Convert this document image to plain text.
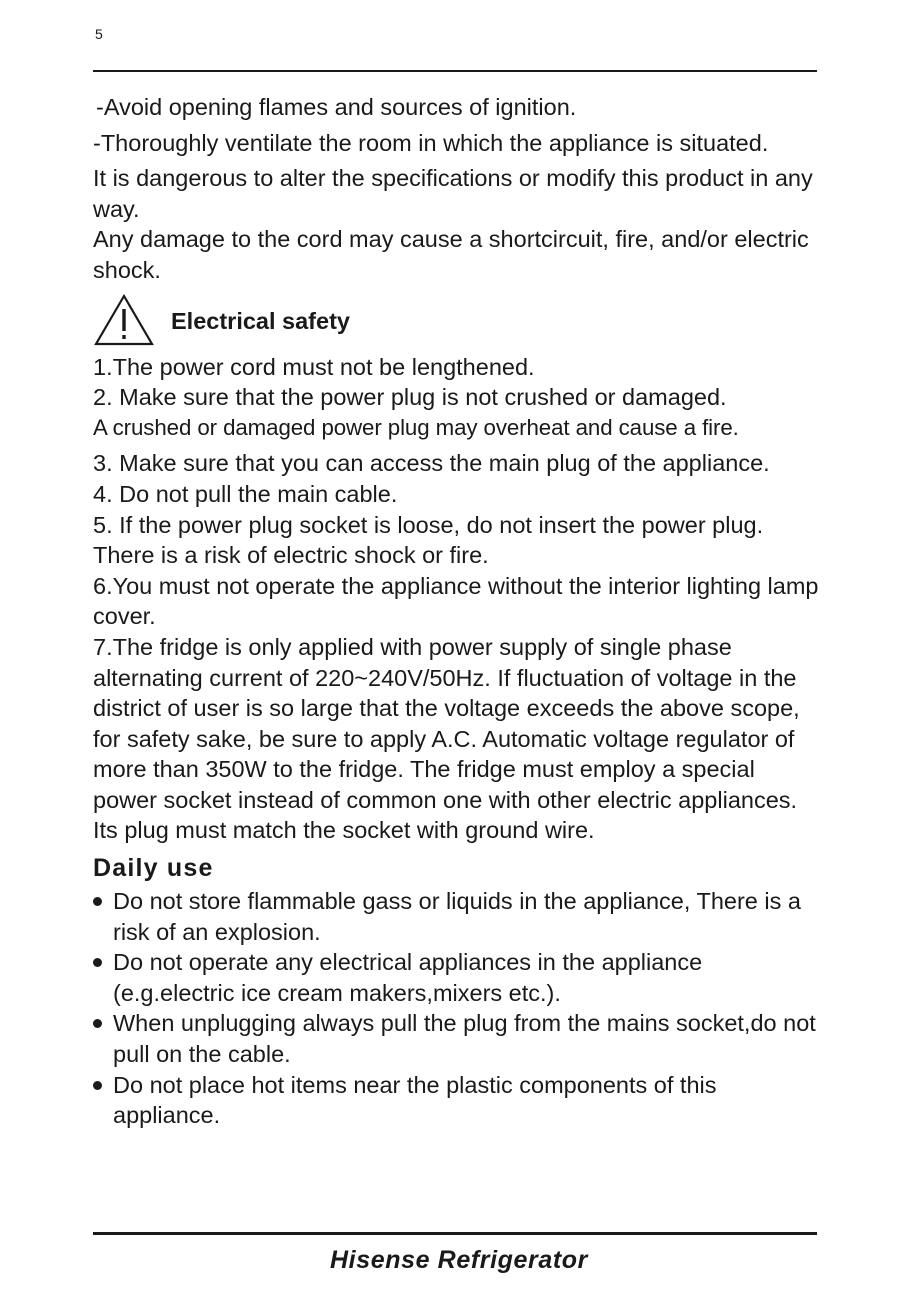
5

-Avoid opening flames and sources of ignition.

-Thoroughly ventilate the room in which the appliance is situated.

It is dangerous to alter the specifications or modify this product in any way.

Any damage to the cord may cause a shortcircuit, fire, and/or electric shock.

Electrical safety

1.The power cord must not be lengthened.

2. Make sure that the power plug is not crushed or damaged.

A crushed or damaged power plug may overheat and cause a fire.

3. Make sure that you can access the main plug of the appliance.

4. Do not pull the main cable.

5. If the power plug socket is loose, do not insert the power plug. There is a risk of electric shock or fire.

6.You must not operate the appliance without the interior lighting lamp cover.

7.The fridge is only applied with power supply of single phase alternating current of 220~240V/50Hz. If fluctuation of voltage in the district of user is so large that the voltage exceeds the above scope, for safety sake, be sure to apply A.C. Automatic voltage regulator of more than 350W to the fridge. The fridge must employ a special power socket instead of common one with other electric appliances. Its plug must match the socket with ground wire.

Daily use

Do not store flammable gass or liquids in the appliance, There is a risk of an explosion.
Do not operate any electrical appliances in the appliance (e.g.electric ice cream makers,mixers etc.).
When unplugging always pull the plug from the mains socket,do not pull on the cable.
Do not place hot items near the plastic components of this appliance.
Hisense Refrigerator
